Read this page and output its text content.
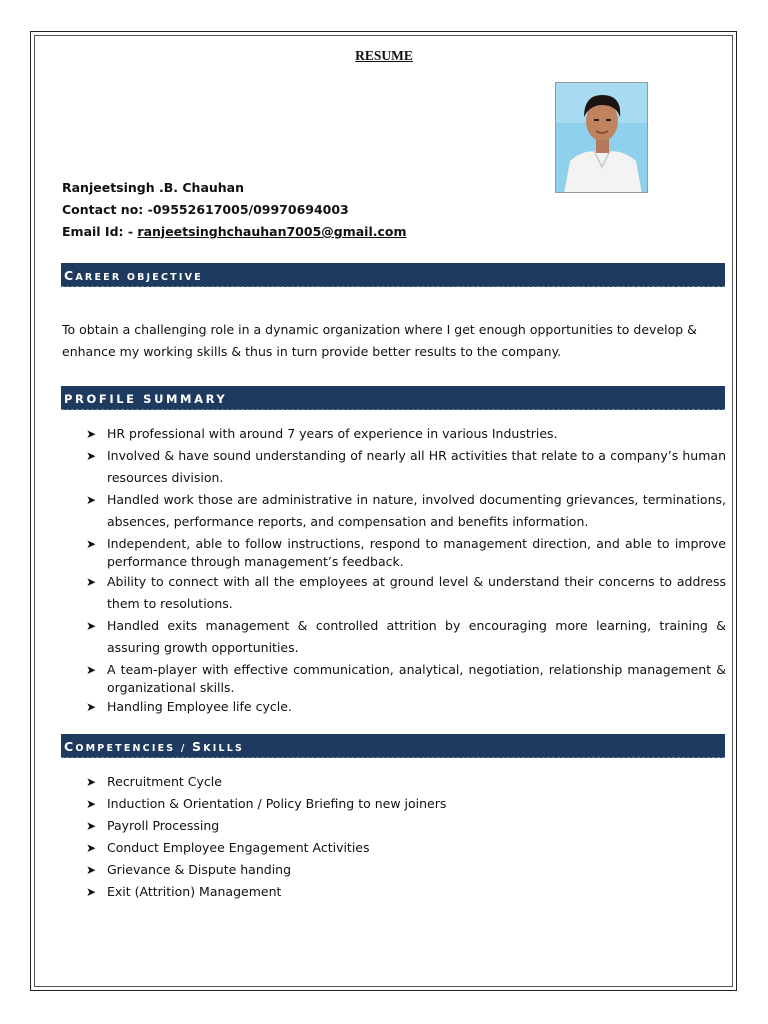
RESUME
Ranjeetsingh .B. Chauhan
Contact no: -09552617005/09970694003
Email Id: - ranjeetsinghchauhan7005@gmail.com
CAREER OBJECTIVE
To obtain a challenging role in a dynamic organization where I get enough opportunities to develop & enhance my working skills & thus in turn provide better results to the company.
PROFILE SUMMARY
➤ HR professional with around 7 years of experience in various Industries.
➤ Involved & have sound understanding of nearly all HR activities that relate to a company’s human resources division.
➤ Handled work those are administrative in nature, involved documenting grievances, terminations, absences, performance reports, and compensation and benefits information.
➤ Independent, able to follow instructions, respond to management direction, and able to improve performance through management’s feedback.
➤ Ability to connect with all the employees at ground level & understand their concerns to address them to resolutions.
➤ Handled exits management & controlled attrition by encouraging more learning, training & assuring growth opportunities.
➤ A team-player with effective communication, analytical, negotiation, relationship management & organizational skills.
➤ Handling Employee life cycle.
COMPETENCIES / SKILLS
➤ Recruitment Cycle
➤ Induction & Orientation / Policy Briefing to new joiners
➤ Payroll Processing
➤ Conduct Employee Engagement Activities
➤ Grievance & Dispute handing
➤ Exit (Attrition) Management
